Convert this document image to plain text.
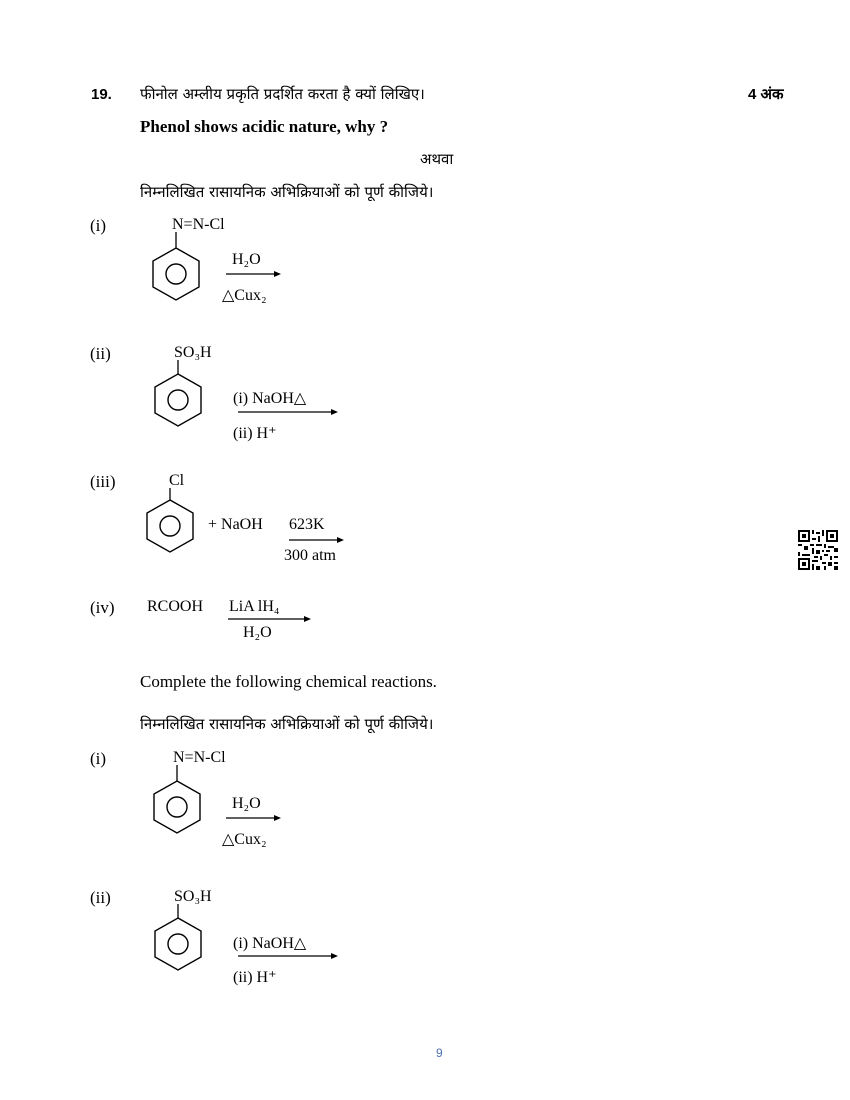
19. फीनोल अम्लीय प्रकृति प्रदर्शित करता है क्यों लिखिए।	4 अंक
Phenol shows acidic nature, why ?
अथवा
निम्नलिखित रासायनिक अभिक्रियाओं को पूर्ण कीजिये।
(i)	N=N-Cl
H₂O
△Cux₂
(ii)	SO₃H
(i) NaOH△
(ii) H⁺
(iii)	Cl
+ NaOH 623K
300 atm
(iv) RCOOH LiA lH₄
H₂O
Complete the following chemical reactions.
निम्नलिखित रासायनिक अभिक्रियाओं को पूर्ण कीजिये।
(i)	N=N-Cl
H₂O
△Cux₂
(ii)	SO₃H
(i) NaOH△
(ii) H⁺
9
